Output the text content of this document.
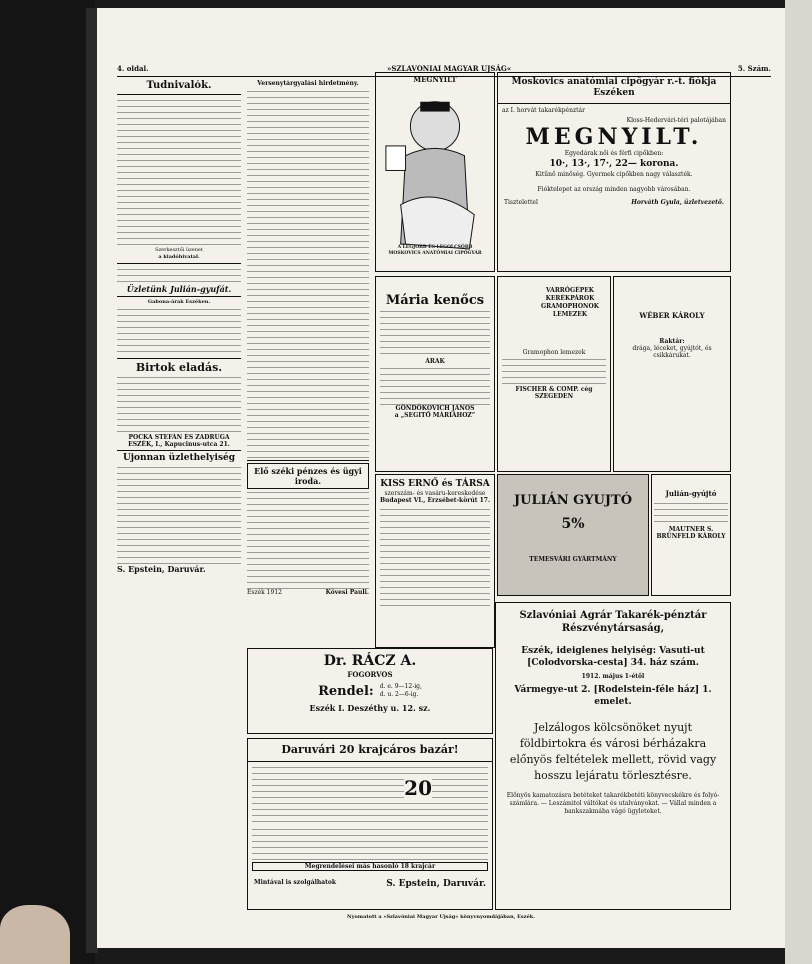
4. oldal.	»SZLAVONIAI MAGYAR UJSÁG«	5. Szám.
Tudnivalók.
Szerkesztői üzenet
a kiadóhivatal.
Üzletünk Julián-gyufát.
Gabona-árak Eszéken.
Birtok eladás.
POCKA STEFÁN ÉS ZADRUGA
ESZÉK, I., Kapucinus-utca 21.
Ujonnan üzlethelyiség
S. Epstein, Daruvár.
Versenytárgyalási hirdetmény.
Elő széki pénzes és ügyi iroda.
Eszék 1912	Kövesi Pauli.
MEGNYILT
A LEGJOBB ÉS LEGOLCSÓBB MOSKOVICS ANATÓMIAI CIPŐGYÁR
Moskovics anatómiai cipőgyár r.-t. fiókja Eszéken
az I. horvát takarékpénztár
Kloss-Hedervári-téri palotájában
MEGNYILT.
Egyedárak női és férfi cipőkben:
10·, 13·, 17·, 22— korona.
Kitűnő minőség. Gyermek cipőkben nagy választék.
Fióktelepet az ország minden nagyobb városában.
Tisztelettel	Horváth Gyula, üzletvezető.
Mária kenőcs
ÁRAK
GÖNDÖKOVICH JÁNOS
a „SEGITŐ MÁRIÁHOZ”
VARRÓGÉPEK KERÉKPÁROK GRAMOPHONOK LEMEZEK
Gramophon lemezek
FISCHER & COMP. cég
SZEGEDEN
WÉBER KÁROLY
Raktár:
drága, léceket, gyújtót, és csikkárukat.
KISS ERNŐ és TÁRSA
szerszám- és vasáru-kereskedése
Budapest VI., Erzsébet-körút 17.	JULIÁN GYUJTÓ
5%
TEMESVÁRI GYÁRTMÁNY
Julián-gyújtó
MAUTNER S.
BRÜNFELD KÁROLY
Szlavóniai Agrár Takarék-pénztár Részvénytársaság,
Eszék, ideiglenes helyiség: Vasuti-ut [Colodvorska-cesta] 34. ház szám.
1912. május 1-étől
Vármegye-ut 2. [Rodelstein-féle ház] 1. emelet.
Jelzálogos kölcsönöket nyujt földbirtokra és városi bérházakra előnyös feltételek mellett, rövid vagy hosszu lejáratu törlesztésre.
Előnyös kamatozásra betéteket takarékbetéti könyvecskékre és folyó-számlára. — Leszámitol váltókat és utalványokat. — Vállal minden a bankszakmába vágó ügyleteket.
Dr. RÁCZ A.
FOGORVOS
Rendel: d. e. 9—12-ig,
d. u. 2—6-ig.
Eszék I. Deszéthy u. 12. sz.
Daruvári 20 krajcáros bazár!
20
Megrendelései más hasonló 18 krajcár
Mintával is szolgálhatok	S. Epstein, Daruvár.
Nyomatott a »Szlavóniai Magyar Ujság« könyvnyomdájában, Eszék.
